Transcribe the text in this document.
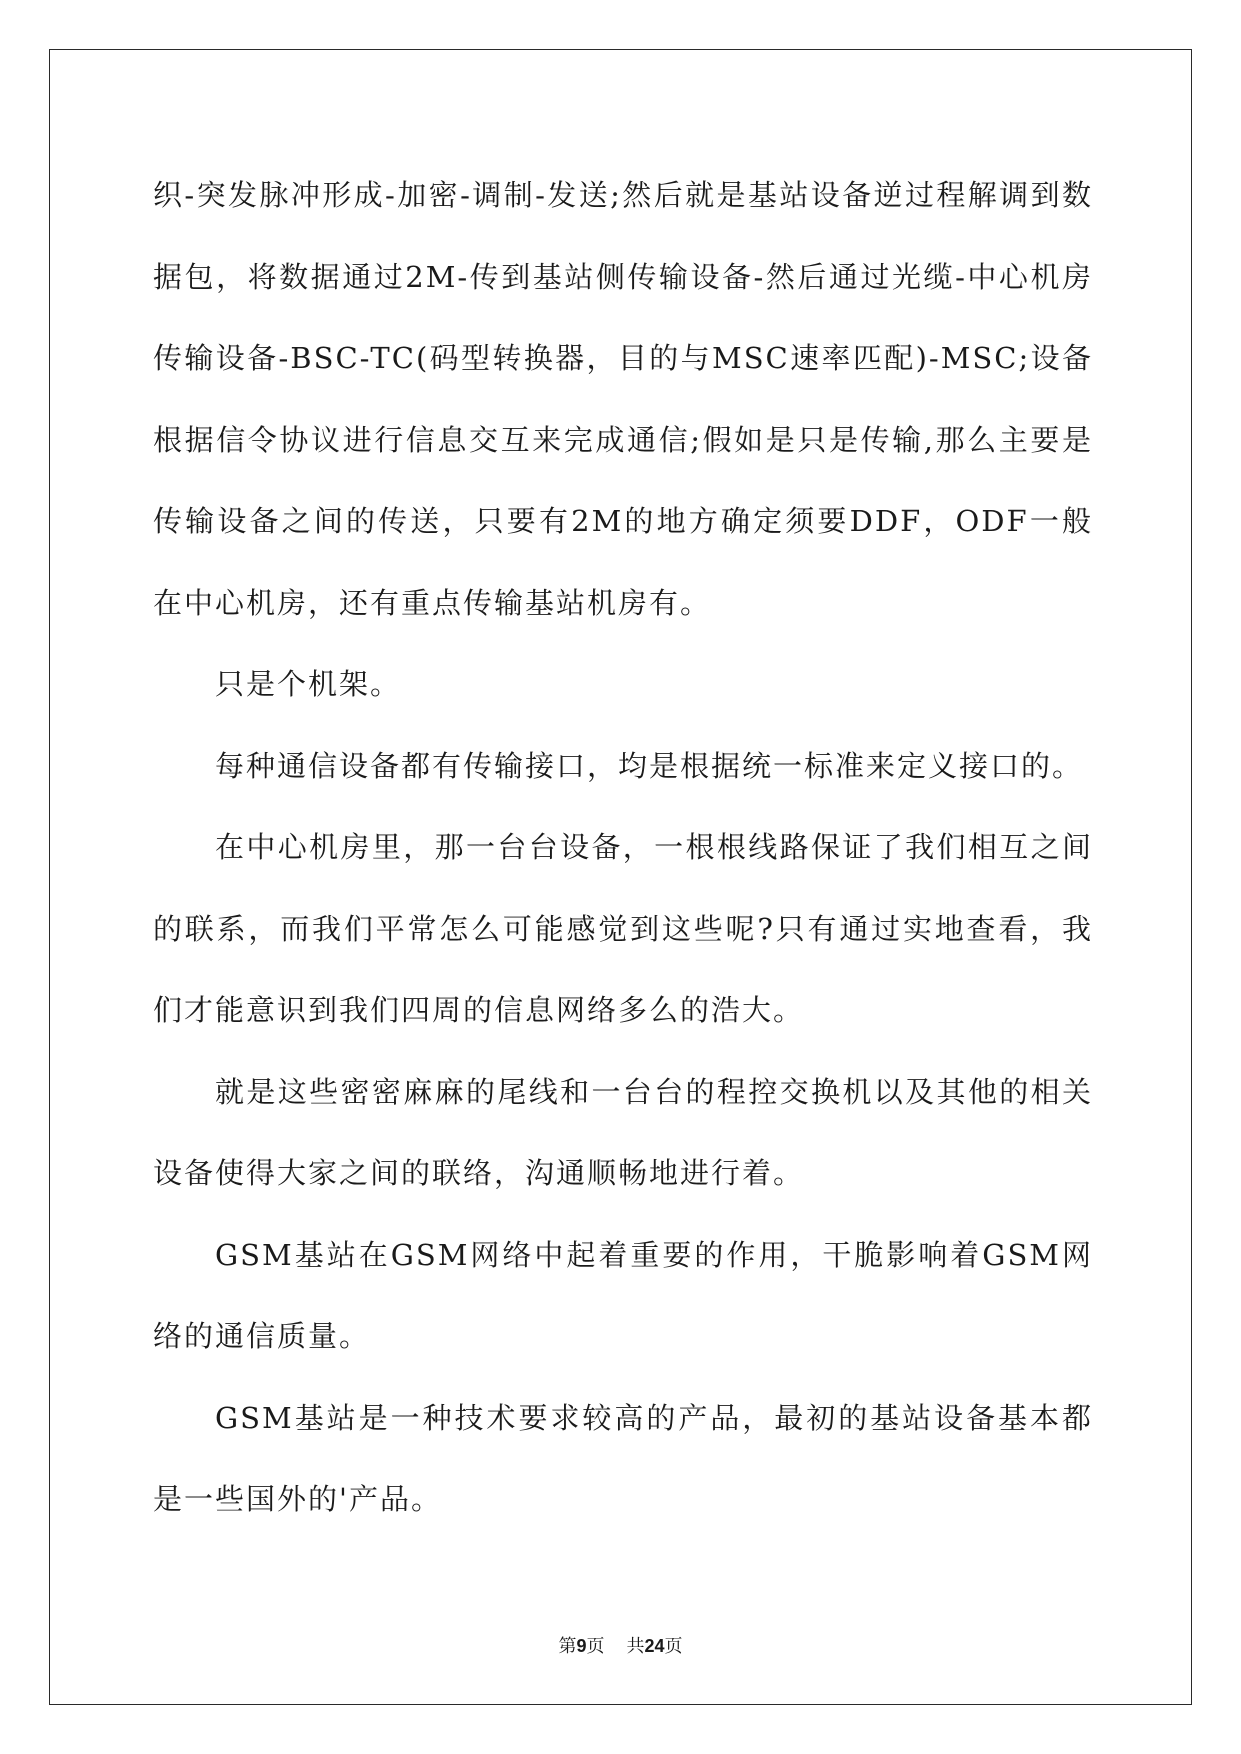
织-突发脉冲形成-加密-调制-发送;然后就是基站设备逆过程解调到数据包，将数据通过2M-传到基站侧传输设备-然后通过光缆-中心机房传输设备-BSC-TC(码型转换器，目的与MSC速率匹配)-MSC;设备根据信令协议进行信息交互来完成通信;假如是只是传输,那么主要是传输设备之间的传送，只要有2M的地方确定须要DDF，ODF一般在中心机房，还有重点传输基站机房有。

只是个机架。

每种通信设备都有传输接口，均是根据统一标准来定义接口的。

在中心机房里，那一台台设备，一根根线路保证了我们相互之间的联系，而我们平常怎么可能感觉到这些呢?只有通过实地查看，我们才能意识到我们四周的信息网络多么的浩大。

就是这些密密麻麻的尾线和一台台的程控交换机以及其他的相关设备使得大家之间的联络，沟通顺畅地进行着。

GSM基站在GSM网络中起着重要的作用，干脆影响着GSM网络的通信质量。

GSM基站是一种技术要求较高的产品，最初的基站设备基本都是一些国外的'产品。

第9页 共24页
